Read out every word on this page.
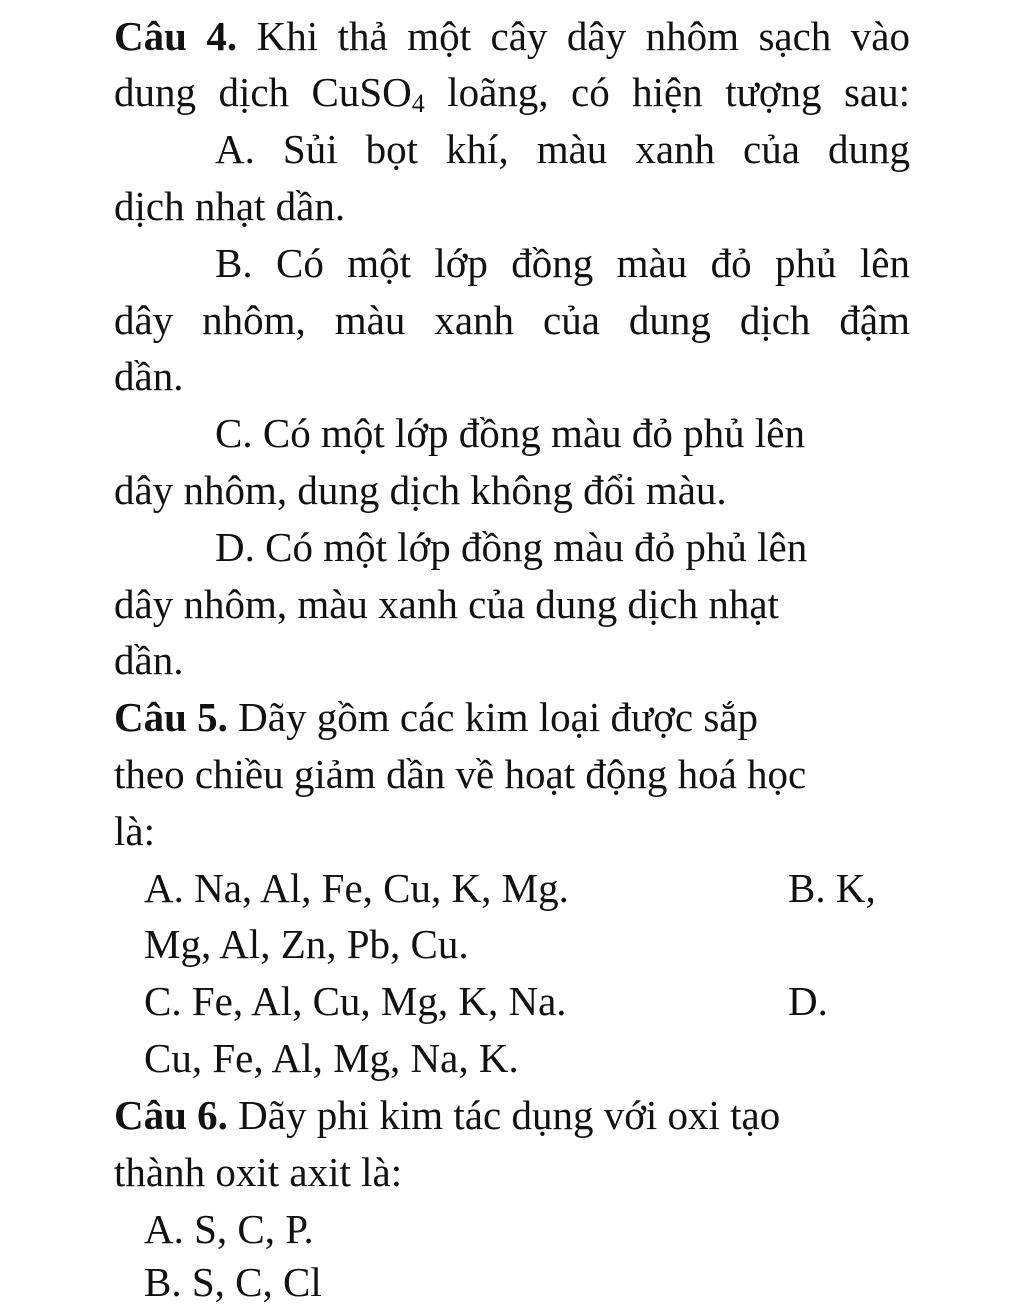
Câu 4. Khi thả một cây dây nhôm sạch vào
dung dịch CuSO$_4$ loãng, có hiện tượng sau:
A. Sủi bọt khí, màu xanh của dung
dịch nhạt dần.
B. Có một lớp đồng màu đỏ phủ lên
dây nhôm, màu xanh của dung dịch đậm
dần.
C. Có một lớp đồng màu đỏ phủ lên
dây nhôm, dung dịch không đổi màu.
D. Có một lớp đồng màu đỏ phủ lên
dây nhôm, màu xanh của dung dịch nhạt
dần.
Câu 5. Dãy gồm các kim loại được sắp
theo chiều giảm dần về hoạt động hoá học
là:
A. Na, Al, Fe, Cu, K, Mg.	B. K,
Mg, Al, Zn, Pb, Cu.
C. Fe, Al, Cu, Mg, K, Na.	D.
Cu, Fe, Al, Mg, Na, K.
Câu 6. Dãy phi kim tác dụng với oxi tạo
thành oxit axit là:
A. S, C, P.
B. S, C, Cl
